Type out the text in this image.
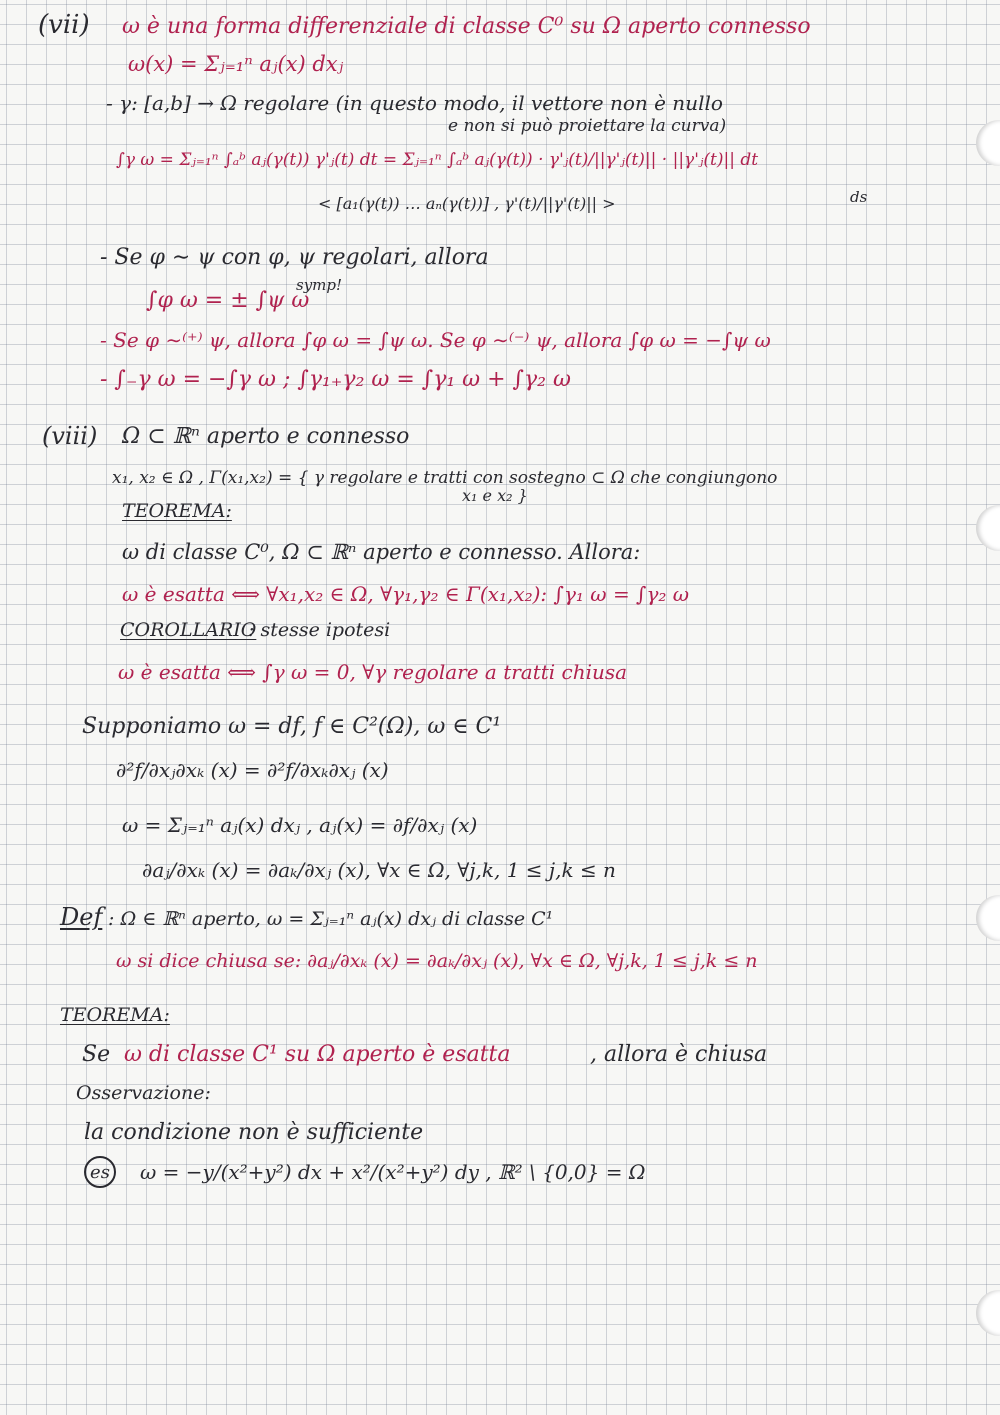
(vii) ω è una forma differenziale di classe C⁰ su Ω aperto connesso
ω(x) = Σⱼ₌₁ⁿ aⱼ(x) dxⱼ
- γ: [a,b] → Ω regolare (in questo modo, il vettore non è nullo
e non si può proiettare la curva)
∫γ ω = Σⱼ₌₁ⁿ ∫ₐᵇ aⱼ(γ(t)) γ'ⱼ(t) dt = Σⱼ₌₁ⁿ ∫ₐᵇ aⱼ(γ(t)) · γ'ⱼ(t)/||γ'ⱼ(t)|| · ||γ'ⱼ(t)|| dt
ds
< [a₁(γ(t)) … aₙ(γ(t))] , γ'(t)/||γ'(t)|| >
- Se φ ∼ ψ con φ, ψ regolari, allora
∫φ ω = ± ∫ψ ω
symp!
- Se φ ∼⁽⁺⁾ ψ, allora ∫φ ω = ∫ψ ω. Se φ ∼⁽⁻⁾ ψ, allora ∫φ ω = −∫ψ ω
- ∫₋γ ω = −∫γ ω ; ∫γ₁₊γ₂ ω = ∫γ₁ ω + ∫γ₂ ω
(viii) Ω ⊂ ℝⁿ aperto e connesso
x₁, x₂ ∈ Ω , Γ(x₁,x₂) = { γ regolare e tratti con sostegno ⊂ Ω che congiungono
x₁ e x₂ }
TEOREMA:
ω di classe C⁰, Ω ⊂ ℝⁿ aperto e connesso. Allora:
ω è esatta ⟺ ∀x₁,x₂ ∈ Ω, ∀γ₁,γ₂ ∈ Γ(x₁,x₂): ∫γ₁ ω = ∫γ₂ ω
COROLLARIO
: stesse ipotesi
ω è esatta ⟺ ∫γ ω = 0, ∀γ regolare a tratti chiusa
Supponiamo ω = df, f ∈ C²(Ω), ω ∈ C¹
∂²f/∂xⱼ∂xₖ (x) = ∂²f/∂xₖ∂xⱼ (x)
ω = Σⱼ₌₁ⁿ aⱼ(x) dxⱼ , aⱼ(x) = ∂f/∂xⱼ (x)
∂aⱼ/∂xₖ (x) = ∂aₖ/∂xⱼ (x), ∀x ∈ Ω, ∀j,k, 1 ≤ j,k ≤ n
Def : Ω ∈ ℝⁿ aperto, ω = Σⱼ₌₁ⁿ aⱼ(x) dxⱼ di classe C¹
ω si dice chiusa se: ∂aⱼ/∂xₖ (x) = ∂aₖ/∂xⱼ (x), ∀x ∈ Ω, ∀j,k, 1 ≤ j,k ≤ n
TEOREMA:
Se ω di classe C¹ su Ω aperto è esatta	, allora è chiusa
Osservazione:
la condizione non è sufficiente
es	ω = −y/(x²+y²) dx + x²/(x²+y²) dy , ℝ² \ {0,0} = Ω
